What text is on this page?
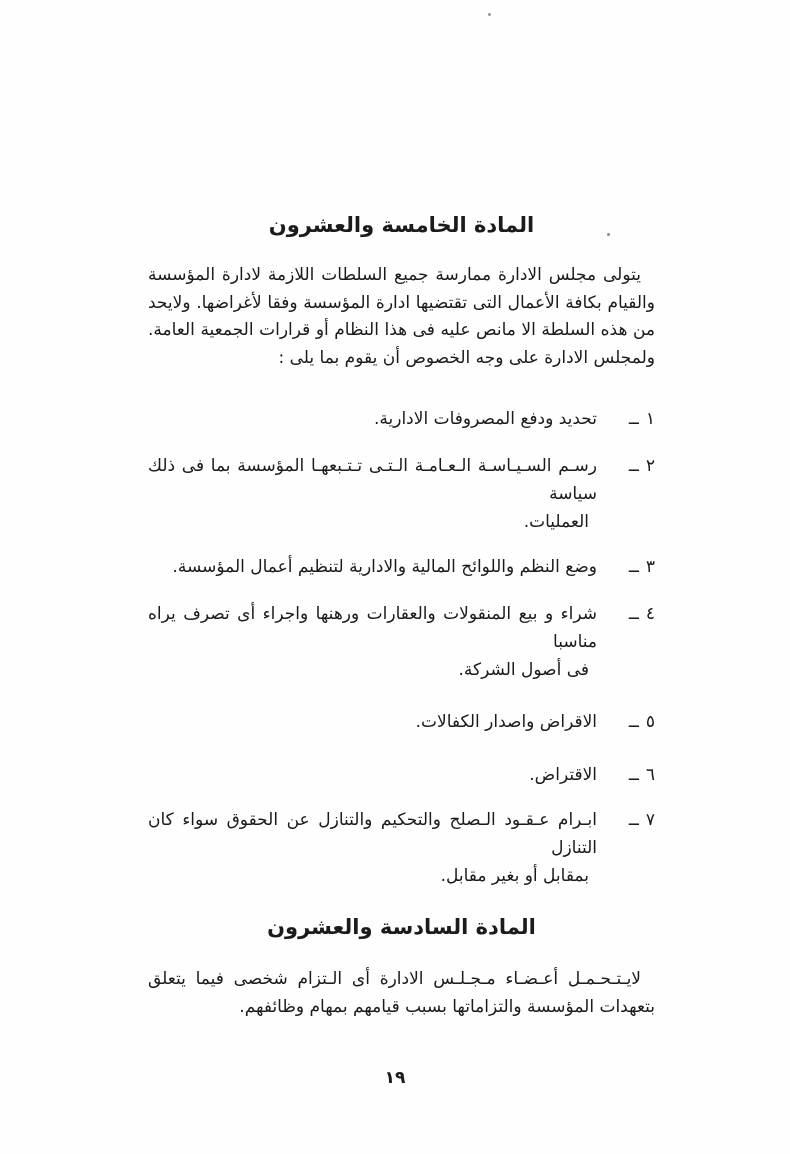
المادة الخامسة والعشرون
يتولى مجلس الادارة ممارسة جميع السلطات اللازمة لادارة المؤسسة
والقيام بكافة الأعمال التى تقتضيها ادارة المؤسسة وفقا لأغراضها. ولايحد
من هذه السلطة الا مانص عليه فى هذا النظام أو قرارات الجمعية العامة.
ولمجلس الادارة على وجه الخصوص أن يقوم بما يلى :
١ــ
تحديد ودفع المصروفات الادارية.
٢ــ
رسـم السـيـاسـة الـعـامـة الـتـى تـتـبعهـا المؤسسة بما فى ذلك سياسة
العمليات.
٣ــ
وضع النظم واللوائح المالية والادارية لتنظيم أعمال المؤسسة.
٤ــ
شراء و بيع المنقولات والعقارات ورهنها واجراء أى تصرف يراه مناسبا
فى أصول الشركة.
٥ــ
الاقراض واصدار الكفالات.
٦ــ
الاقتراض.
٧ــ
ابـرام عـقـود الـصلح والتحكيم والتنازل عن الحقوق سواء كان التنازل
بمقابل أو بغير مقابل.
المادة السادسة والعشرون
لايـتـحـمـل أعـضـاء مـجـلـس الادارة أى الـتزام شخصى فيما يتعلق
بتعهدات المؤسسة والتزاماتها بسبب قيامهم بمهام وظائفهم.
١٩
